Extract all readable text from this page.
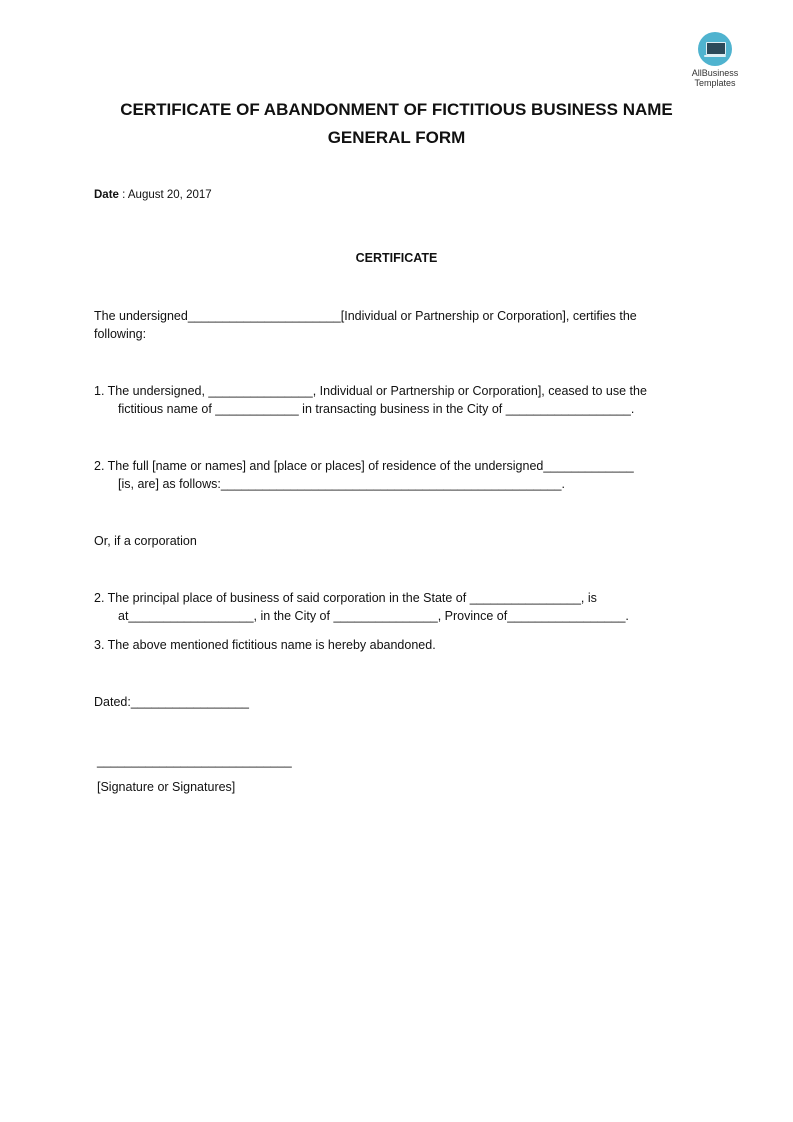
AllBusiness
Templates
CERTIFICATE OF ABANDONMENT OF FICTITIOUS BUSINESS NAME
GENERAL FORM
Date : August 20, 2017
CERTIFICATE
The undersigned______________________[Individual or Partnership or Corporation], certifies the
following:
1. The undersigned, _______________, Individual or Partnership or Corporation], ceased to use the
fictitious name of ____________ in transacting business in the City of __________________.
2. The full [name or names] and [place or places] of residence of the undersigned_____________
[is, are] as follows:_________________________________________________.
Or, if a corporation
2. The principal place of business of said corporation in the State of ________________, is
at__________________, in the City of _______________, Province of_________________.
3. The above mentioned fictitious name is hereby abandoned.
Dated:_________________
____________________________
[Signature or Signatures]
